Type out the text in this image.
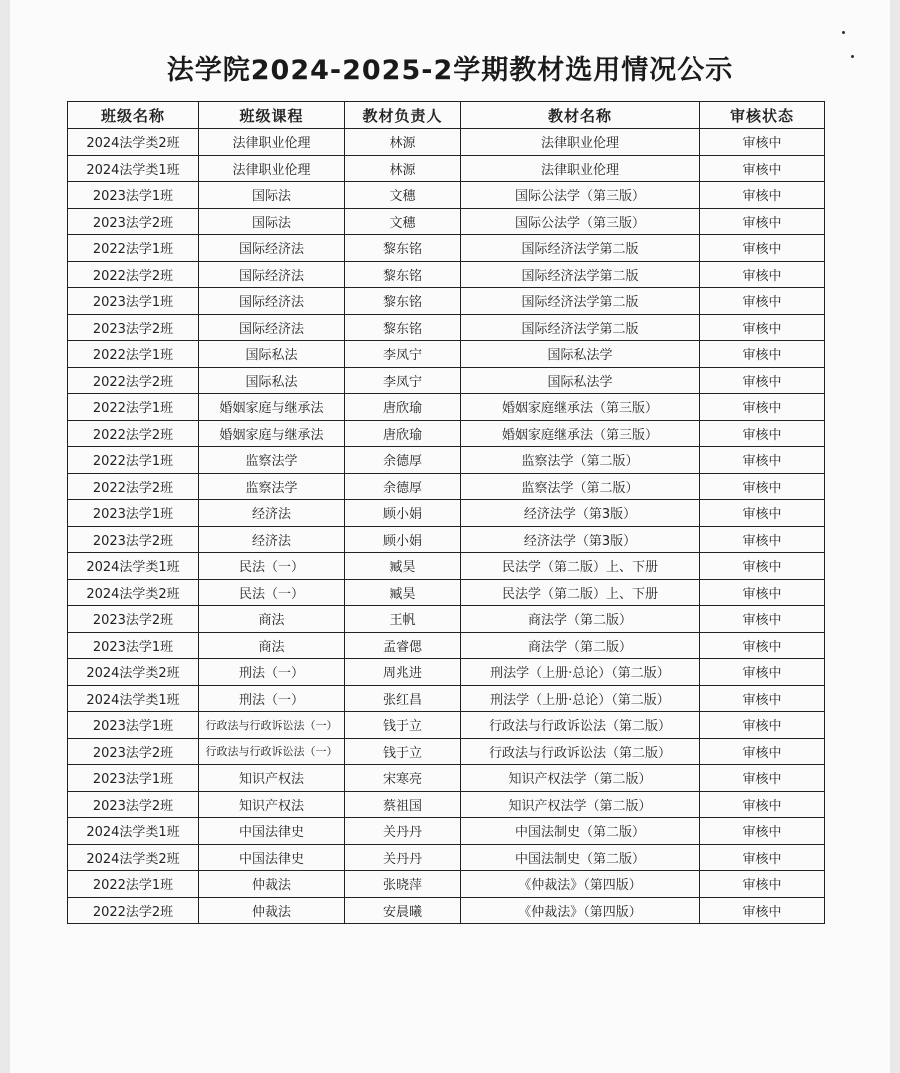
法学院2024-2025-2学期教材选用情况公示
班级名称	班级课程	教材负责人	教材名称	审核状态
2024法学类2班	法律职业伦理	林源	法律职业伦理	审核中
2024法学类1班	法律职业伦理	林源	法律职业伦理	审核中
2023法学1班	国际法	文穗	国际公法学（第三版）	审核中
2023法学2班	国际法	文穗	国际公法学（第三版）	审核中
2022法学1班	国际经济法	黎东铭	国际经济法学第二版	审核中
2022法学2班	国际经济法	黎东铭	国际经济法学第二版	审核中
2023法学1班	国际经济法	黎东铭	国际经济法学第二版	审核中
2023法学2班	国际经济法	黎东铭	国际经济法学第二版	审核中
2022法学1班	国际私法	李凤宁	国际私法学	审核中
2022法学2班	国际私法	李凤宁	国际私法学	审核中
2022法学1班	婚姻家庭与继承法	唐欣瑜	婚姻家庭继承法（第三版）	审核中
2022法学2班	婚姻家庭与继承法	唐欣瑜	婚姻家庭继承法（第三版）	审核中
2022法学1班	监察法学	余德厚	监察法学（第二版）	审核中
2022法学2班	监察法学	余德厚	监察法学（第二版）	审核中
2023法学1班	经济法	顾小娟	经济法学（第3版）	审核中
2023法学2班	经济法	顾小娟	经济法学（第3版）	审核中
2024法学类1班	民法（一）	臧昊	民法学（第二版）上、下册	审核中
2024法学类2班	民法（一）	臧昊	民法学（第二版）上、下册	审核中
2023法学2班	商法	王帆	商法学（第二版）	审核中
2023法学1班	商法	孟睿偲	商法学（第二版）	审核中
2024法学类2班	刑法（一）	周兆进	刑法学（上册·总论）（第二版）	审核中
2024法学类1班	刑法（一）	张红昌	刑法学（上册·总论）（第二版）	审核中
2023法学1班	行政法与行政诉讼法（一）	钱于立	行政法与行政诉讼法（第二版）	审核中
2023法学2班	行政法与行政诉讼法（一）	钱于立	行政法与行政诉讼法（第二版）	审核中
2023法学1班	知识产权法	宋寒亮	知识产权法学（第二版）	审核中
2023法学2班	知识产权法	蔡祖国	知识产权法学（第二版）	审核中
2024法学类1班	中国法律史	关丹丹	中国法制史（第二版）	审核中
2024法学类2班	中国法律史	关丹丹	中国法制史（第二版）	审核中
2022法学1班	仲裁法	张晓萍	《仲裁法》（第四版）	审核中
2022法学2班	仲裁法	安晨曦	《仲裁法》（第四版）	审核中
